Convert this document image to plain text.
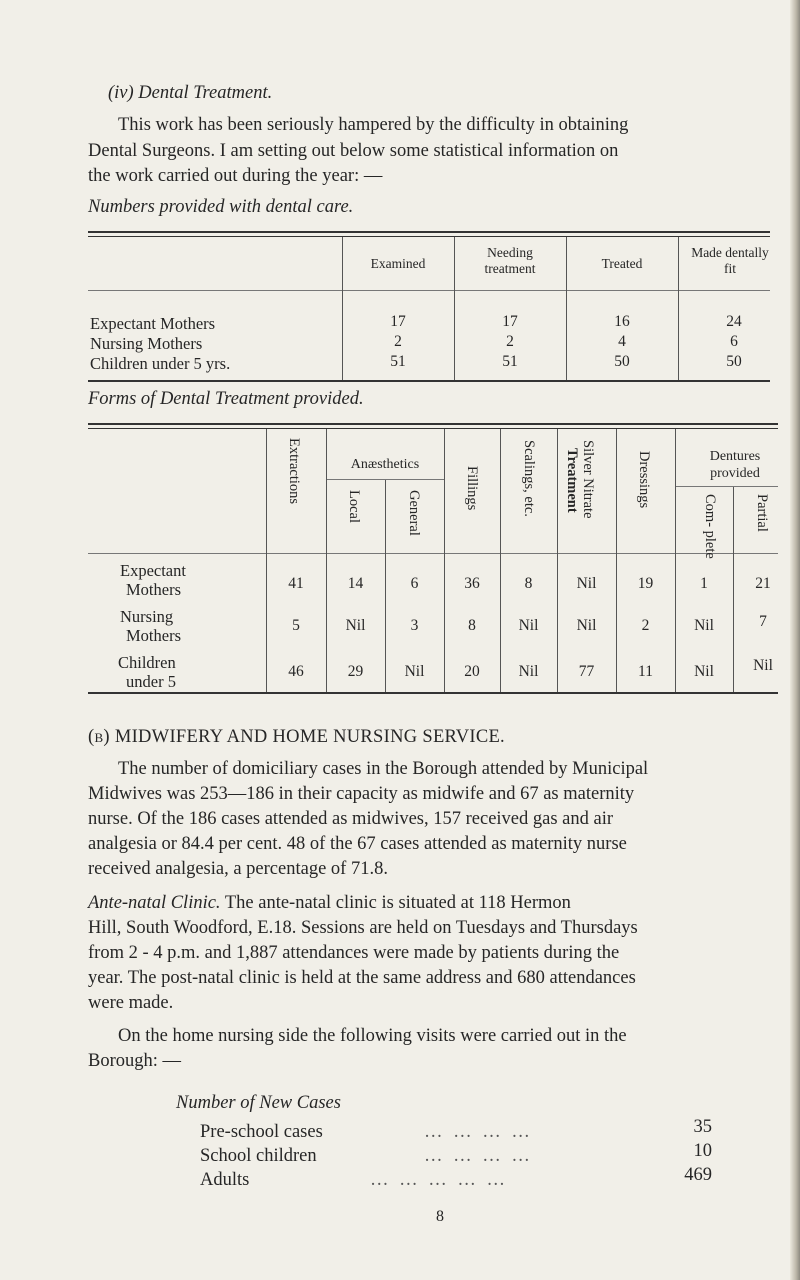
(iv) Dental Treatment.
This work has been seriously hampered by the difficulty in obtaining
Dental Surgeons. I am setting out below some statistical information on
the work carried out during the year: —
Numbers provided with dental care.
Examined
Needing treatment	Treated
Made dentally fit
Expectant Mothers	17	17	16	24
Nursing Mothers	2	2	4	6
Children under 5 yrs.	51	51	50	50
Forms of Dental Treatment provided.
Extractions	Anæsthetics
Local	General
Fillings	Scalings, etc.	Silver Nitrate
Treatment	Dressings	Dentures provided
Com- plete Partial
Expectant
Mothers	41	14	6	36	8	Nil	19	1	21
Nursing
Mothers
5	Nil	3	8	Nil	Nil	2	Nil	7
Children
under 5
46	29	Nil	20	Nil	77	11	Nil	Nil
(b) MIDWIFERY AND HOME NURSING SERVICE.
The number of domiciliary cases in the Borough attended by Municipal
Midwives was 253—186 in their capacity as midwife and 67 as maternity
nurse. Of the 186 cases attended as midwives, 157 received gas and air
analgesia or 84.4 per cent. 48 of the 67 cases attended as maternity nurse
received analgesia, a percentage of 71.8.
Ante-natal Clinic. The ante-natal clinic is situated at 118 Hermon
Hill, South Woodford, E.18. Sessions are held on Tuesdays and Thursdays
from 2 - 4 p.m. and 1,887 attendances were made by patients during the
year. The post-natal clinic is held at the same address and 680 attendances
were made.
On the home nursing side the following visits were carried out in the
Borough: —
Number of New Cases
Pre-school cases	… … … …	35
School children	… … … …	10
Adults	… … … … …	469
8
